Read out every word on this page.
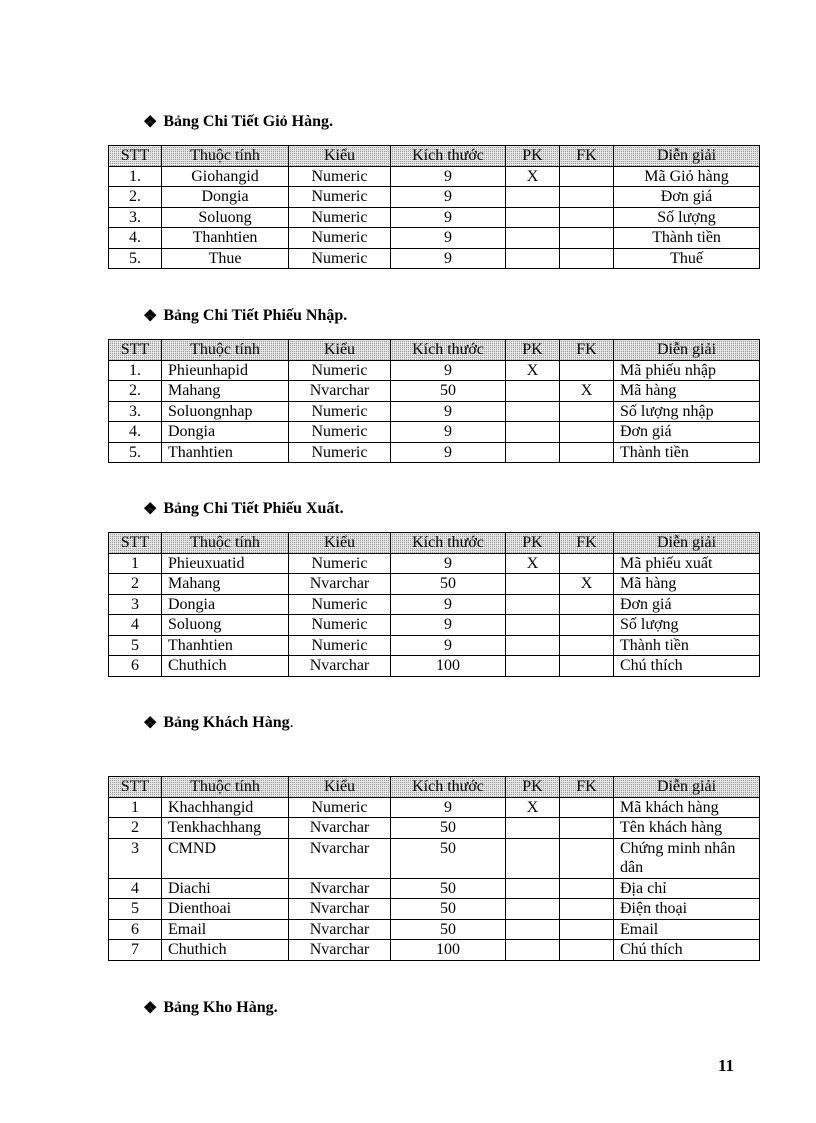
❖ Bảng Chi Tiết Giỏ Hàng.
STT	Thuộc tính	Kiểu	Kích thước	PK	FK	Diễn giải
1.	Giohangid	Numeric	9	X		Mã Giỏ hàng
2.	Dongia	Numeric	9			Đơn giá
3.	Soluong	Numeric	9			Số lượng
4.	Thanhtien	Numeric	9			Thành tiền
5.	Thue	Numeric	9			Thuế
❖ Bảng Chi Tiết Phiếu Nhập.
STT	Thuộc tính	Kiểu	Kích thước	PK	FK	Diễn giải
1.	Phieunhapid	Numeric	9	X		Mã phiếu nhập
2.	Mahang	Nvarchar	50		X	Mã hàng
3.	Soluongnhap	Numeric	9			Số lượng nhập
4.	Dongia	Numeric	9			Đơn giá
5.	Thanhtien	Numeric	9			Thành tiền
❖ Bảng Chi Tiết Phiếu Xuất.
STT	Thuộc tính	Kiểu	Kích thước	PK	FK	Diễn giải
1	Phieuxuatid	Numeric	9	X		Mã phiếu xuất
2	Mahang	Nvarchar	50		X	Mã hàng
3	Dongia	Numeric	9			Đơn giá
4	Soluong	Numeric	9			Số lượng
5	Thanhtien	Numeric	9			Thành tiền
6	Chuthich	Nvarchar	100			Chú thích
❖ Bảng Khách Hàng .
STT	Thuộc tính	Kiểu	Kích thước	PK	FK	Diễn giải
1	Khachhangid	Numeric	9	X		Mã khách hàng
2	Tenkhachhang	Nvarchar	50			Tên khách hàng
3	CMND	Nvarchar	50			Chứng minh nhân dân
4	Diachi	Nvarchar	50			Địa chỉ
5	Dienthoai	Nvarchar	50			Điện thoại
6	Email	Nvarchar	50			Email
7	Chuthich	Nvarchar	100			Chú thích
❖ Bảng Kho Hàng.
11
